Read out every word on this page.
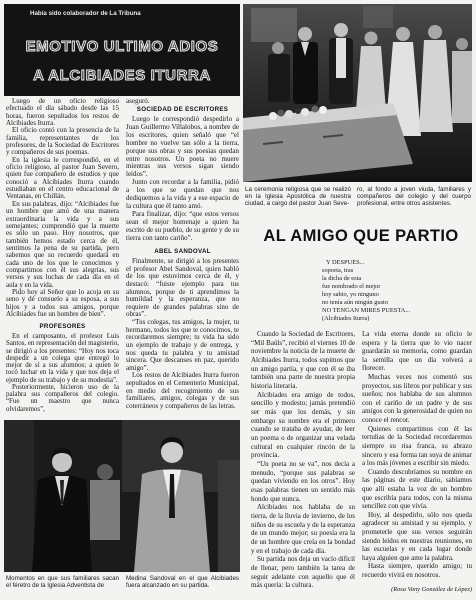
Había sido colaborador de La Tribuna
EMOTIVO ULTIMO ADIOS
A ALCIBIADES ITURRA
La ceremonia religiosa que se realizó en la Iglesia Apostólica de nuestra ciudad, a cargo del pastor Juan Seve-
ro, al fondo a joven viuda, familiares y compañeros del colegio y del cuerpo profesional, entre otros asistentes.
AL AMIGO QUE PARTIO
Y DESPUÉS...
soporta, tras
la dicha de esta
fue nombrado el mejor
hoy sabio, yo ninguno
no tenía aún ningún gusto
NO TENGAN MIRES PUESTA...
(Alcibiades Iturra)

Cuando la Sociedad de Escritores, “Mil Baúls”, recibió el viernes 10 de noviembre la noticia de la muerte de Alcibiades Iturra, todos supimos que un amigo partía, y que con él se iba también una parte de nuestra propia historia literaria.

Alcibiades era amigo de todos, sencillo y modesto; jamás pretendió ser más que los demás, y sin embargo su nombre era el primero cuando se trataba de ayudar, de leer un poema o de organizar una velada cultural en cualquier rincón de la provincia.

“Un poeta no se va”, nos decía a menudo, “porque sus palabras se quedan viviendo en los otros”. Hoy esas palabras tienen un sentido más hondo que nunca.

Alcibiades nos hablaba de su tierra, de la lluvia de invierno, de los niños de su escuela y de la esperanza de un mundo mejor; su poesía era la de un hombre que creía en la bondad y en el trabajo de cada día.

Su partida nos deja un vacío difícil de llenar, pero también la tarea de seguir adelante con aquello que él más quería: la cultura.

La vida eterna donde su oficio le espera y la tierra que lo vio nacer guardarán su memoria, como guardan la semilla que un día volverá a florecer.

Muchas veces nos comentó sus proyectos, sus libros por publicar y sus sueños; nos hablaba de sus alumnos con el cariño de un padre y de sus amigos con la generosidad de quien no conoce el rencor.

Quienes compartimos con él las tertulias de la Sociedad recordaremos siempre su risa franca, su abrazo sincero y esa forma tan suya de animar a los más jóvenes a escribir sin miedo.

Cuando descubríamos su nombre en las páginas de este diario, sabíamos que allí estaba la voz de un hombre que escribía para todos, con la misma sencillez con que vivía.

Hoy, al despedirlo, sólo nos queda agradecer su amistad y su ejemplo, y prometerle que sus versos seguirán siendo leídos en nuestras reuniones, en las escuelas y en cada lugar donde haya alguien que ame la palabra.

Hasta siempre, querido amigo; tu recuerdo vivirá en nosotros.

(Rosa Vany González de López)

Luego de un oficio religioso efectuado el día sábado desde las 15 horas, fueron sepultados los restos de Alcibiades Iturra.

El oficio contó con la presencia de la familia, representantes de los profesores, de la Sociedad de Escritores y compañeros de sus poemas.

En la iglesia le correspondió, en el oficio religioso, al pastor Juan Severo, quien fue compañero de estudios y que conoció a Alcibiades Iturra cuando estudiaban en el centro educacional de Ventanas, en Chillán.

En sus palabras, dijo: “Alcibiades fue un hombre que amó de una manera extraordinaria la vida y a sus semejantes; comprendió que la muerte es sólo un paso. Hoy nosotros, que también hemos estado cerca de él, sentimos la pena de su partida, pero sabemos que su recuerdo quedará en cada uno de los que le conocimos y compartimos con él sus alegrías, sus versos y sus luchas de cada día en el aula y en la vida.

Pido hoy al Señor que lo acoja en su seno y dé consuelo a su esposa, a sus hijos y a todos sus amigos, porque Alcibiades fue un hombre de bien”.

PROFESORES

En el camposanto, el profesor Luis Santos, en representación del magisterio, se dirigió a los presentes: “Hoy nos toca despedir a un colega que entregó lo mejor de sí a sus alumnos; a quien le tocó luchar en la vida y que nos deja el ejemplo de su trabajo y de su modestia”.

Posteriormente, hicieron uso de la palabra sus compañeros del colegio. “Fue un maestro que nunca olvidaremos”,

aseguró.

SOCIEDAD DE ESCRITORES

Luego le correspondió despedirlo a Juan Guillermo Villalobos, a nombre de los escritores, quien señaló que “el hombre no vuelve tan sólo a la tierra, porque sus obras y sus poesías quedan entre nosotros. Un poeta no muere mientras sus versos sigan siendo leídos”.

Junto con recordar a la familia, pidió a los que se quedan que nos dediquemos a la vida y a ese espacio de la cultura que él tanto amó.

Para finalizar, dijo: “que estos versos sean el mejor homenaje a quien ha escrito de su pueblo, de su gente y de su tierra con tanto cariño”.

ABEL SANDOVAL

Finalmente, se dirigió a los presentes el profesor Abel Sandoval, quien habló de los que estuvimos cerca de él, y destacó: “fuiste ejemplo para tus alumnos, porque de ti aprendimos la humildad y la esperanza, que no requiere de grandes palabras sino de obras”.

“Tus colegas, tus amigos, la mujer, tu hermano, todos los que te conocimos, te recordaremos siempre; tu vida ha sido un ejemplo de trabajo y de entrega, y nos queda tu palabra y tu amistad sincera. Que descanses en paz, querido amigo”.

Los restos de Alcibiades Iturra fueron sepultados en el Cementerio Municipal, en medio del recogimiento de sus familiares, amigos, colegas y de sus coterráneos y compañeros de las letras.

Momentos en que sus familiares sacan el féretro de la Iglesia Adventista de
Medina Sandoval en el que Alcibiades fuera alcanzado en su partida.
